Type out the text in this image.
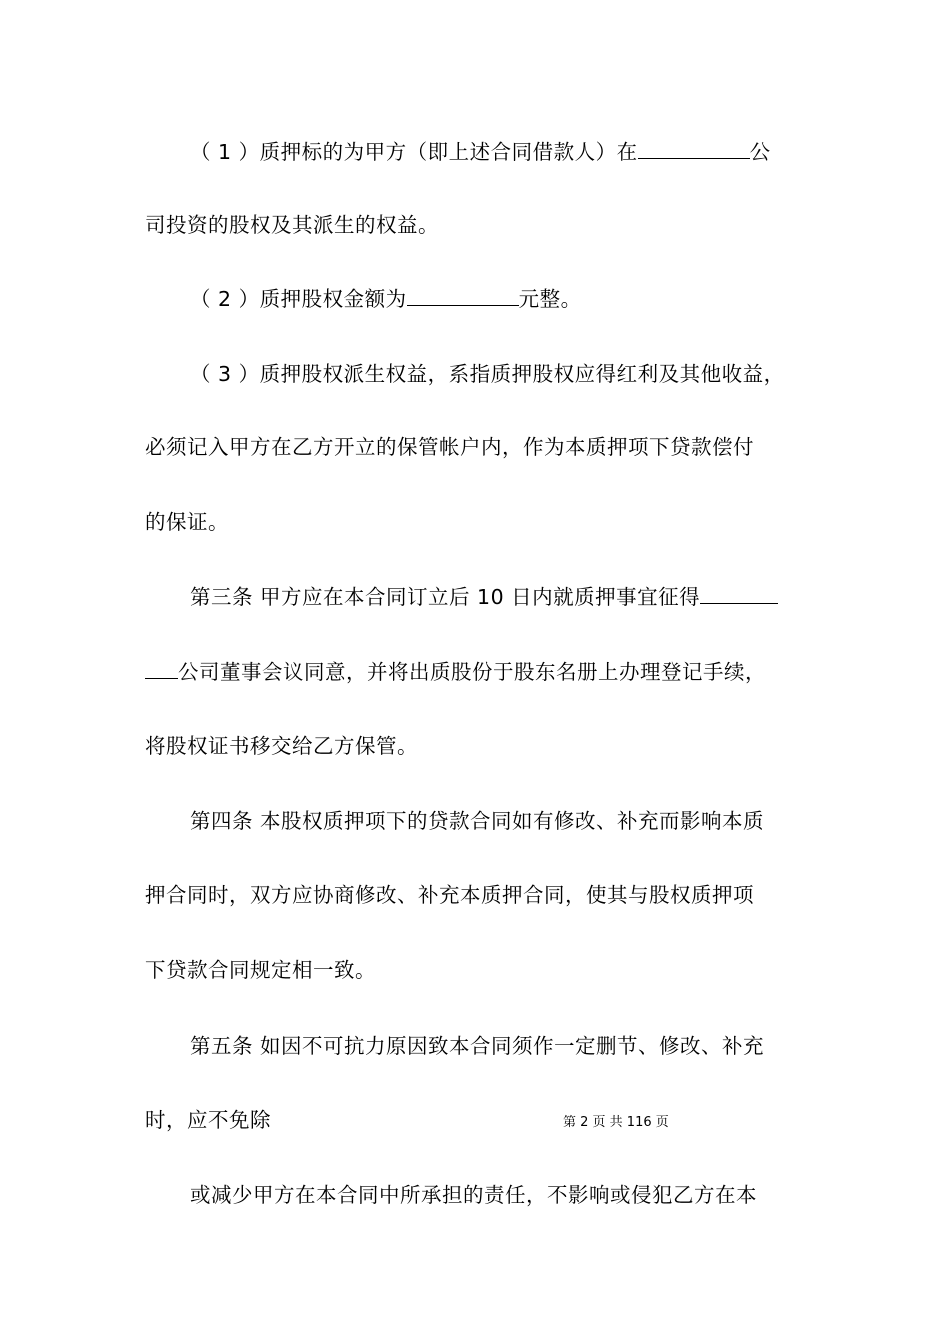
（ 1 ）质押标的为甲方（即上述合同借款人）在	公
司投资的股权及其派生的权益。
（ 2 ）质押股权金额为	元整。
（ 3 ）质押股权派生权益，系指质押股权应得红利及其他收益，
必须记入甲方在乙方开立的保管帐户内，作为本质押项下贷款偿付
的保证。
第三条 甲方应在本合同订立后 10 日内就质押事宜征得
公司董事会议同意，并将出质股份于股东名册上办理登记手续，
将股权证书移交给乙方保管。
第四条 本股权质押项下的贷款合同如有修改、补充而影响本质
押合同时，双方应协商修改、补充本质押合同，使其与股权质押项
下贷款合同规定相一致。
第五条 如因不可抗力原因致本合同须作一定删节、修改、补充
时，应不免除	第 2 页 共 116 页
或减少甲方在本合同中所承担的责任，不影响或侵犯乙方在本
